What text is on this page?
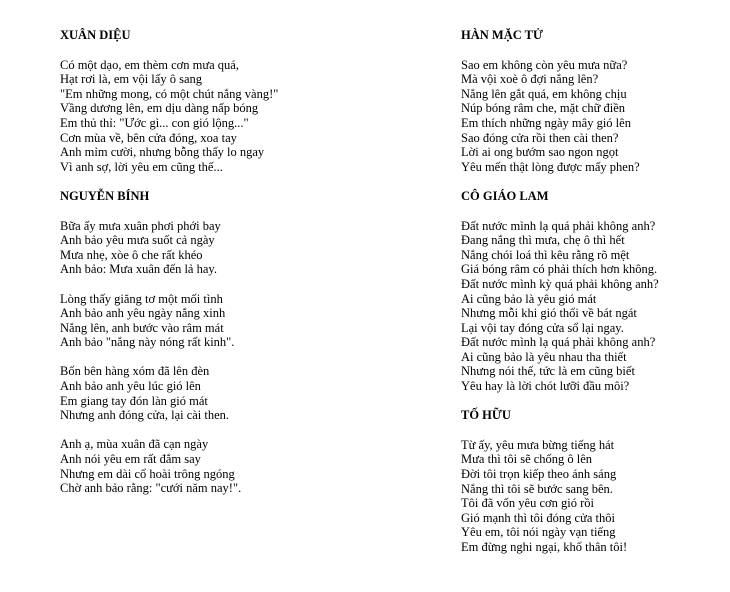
XUÂN DIỆU
Có một dạo, em thèm cơn mưa quá,
Hạt rơi là, em vội lấy ô sang
"Em những mong, có một chút nắng vàng!"
Vầng dương lên, em dịu dàng nấp bóng
Em thủ thỉ: "Ước gì... con gió lộng..."
Cơn mùa về, bên cửa đóng, xoa tay
Anh mỉm cười, nhưng bỗng thấy lo ngay
Vì anh sợ, lời yêu em cũng thế...
NGUYỄN BÍNH
Bữa ấy mưa xuân phơi phới bay
Anh bảo yêu mưa suốt cả ngày
Mưa nhẹ, xòe ô che rất khéo
Anh bảo: Mưa xuân đến lả hay.
Lòng thấy giăng tơ một mối tình
Anh bảo anh yêu ngày nắng xinh
Nắng lên, anh bước vào râm mát
Anh bảo "nắng này nóng rất kinh".
Bốn bên hàng xóm đã lên đèn
Anh bảo anh yêu lúc gió lên
Em giang tay đón làn gió mát
Nhưng anh đóng cửa, lại cài then.
Anh ạ, mùa xuân đã cạn ngày
Anh nói yêu em rất đắm say
Nhưng em dài cổ hoài trông ngóng
Chờ anh bảo rằng: "cưới năm nay!".
HÀN MẶC TỬ
Sao em không còn yêu mưa nữa?
Mà vội xoè ô đợi nắng lên?
Nắng lên gắt quá, em không chịu
Núp bóng râm che, mặt chữ điền
Em thích những ngày mây gió lên
Sao đóng cửa rồi then cài then?
Lời ai ong bướm sao ngon ngọt
Yêu mến thật lòng được mấy phen?
CÔ GIÁO LAM
Đất nước mình lạ quá phải không anh?
Đang nắng thì mưa, chẹ ô thì hết
Nắng chói loá thì kêu rằng rõ mệt
Giá bóng râm có phải thích hơn không.
Đất nước mình kỳ quá phải không anh?
Ai cũng bảo là yêu gió mát
Nhưng mỗi khi gió thổi về bát ngát
Lại vội tay đóng cửa sổ lại ngay.
Đất nước mình lạ quá phải không anh?
Ai cũng bảo là yêu nhau tha thiết
Nhưng nói thế, tức là em cũng biết
Yêu hay là lời chót lưỡi đầu môi?
TỐ HỮU
Từ ấy, yêu mưa bừng tiếng hát
Mưa thì tôi sẽ chống ô lên
Đời tôi trọn kiếp theo ánh sáng
Nắng thì tôi sẽ bước sang bên.
Tôi đã vốn yêu cơn gió rồi
Gió mạnh thì tôi đóng cửa thôi
Yêu em, tôi nói ngày vạn tiếng
Em đừng nghi ngại, khổ thân tôi!
